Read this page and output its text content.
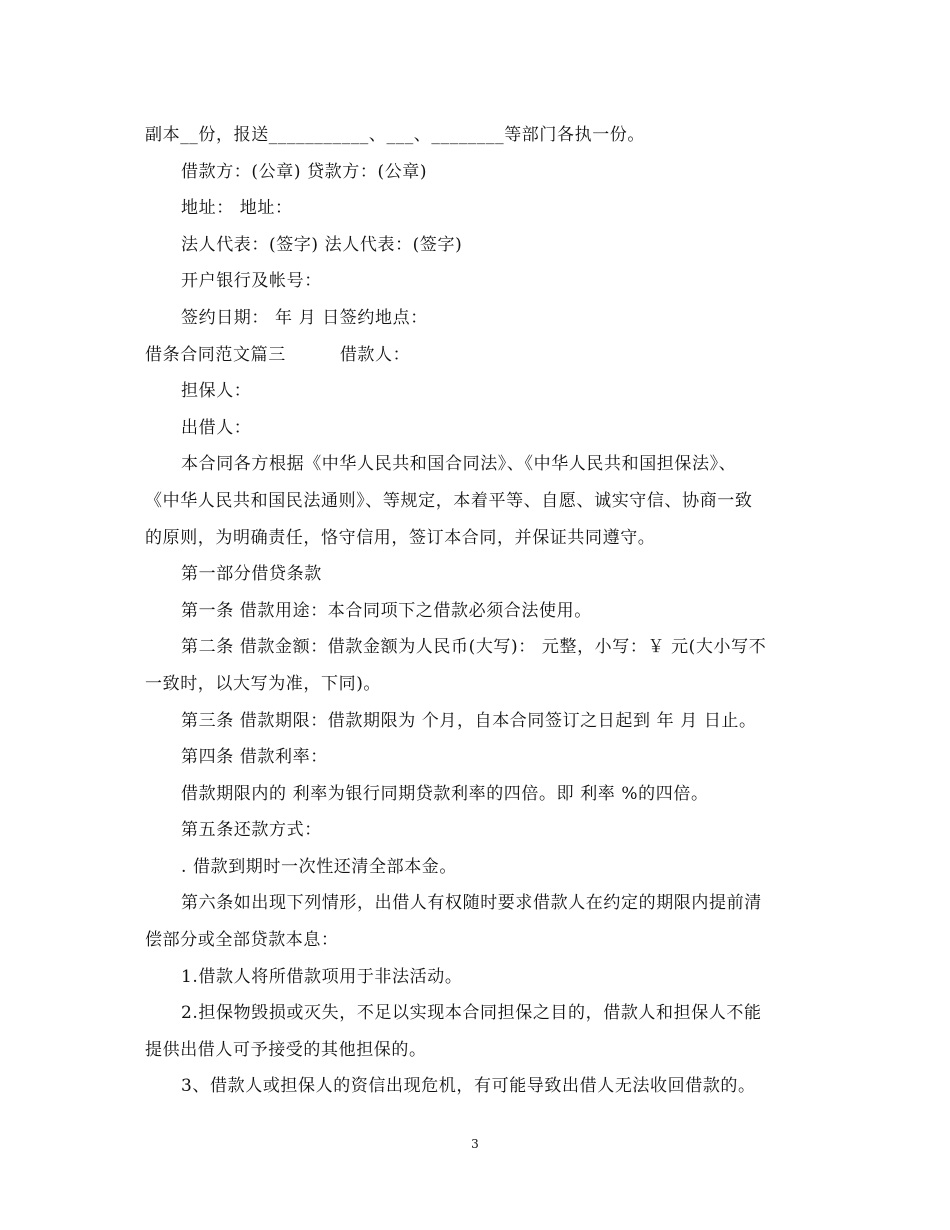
副本__份，报送___________、___、________等部门各执一份。
借款方：(公章) 贷款方：(公章)
地址： 地址：
法人代表：(签字) 法人代表：(签字)
开户银行及帐号：
签约日期： 年 月 日签约地点：
借条合同范文篇三	借款人：
担保人：
出借人：
本合同各方根据《中华人民共和国合同法》、《中华人民共和国担保法》、
《中华人民共和国民法通则》、等规定，本着平等、自愿、诚实守信、协商一致
的原则，为明确责任，恪守信用，签订本合同，并保证共同遵守。
第一部分借贷条款
第一条 借款用途：本合同项下之借款必须合法使用。
第二条 借款金额：借款金额为人民币(大写)： 元整，小写：￥ 元(大小写不
一致时，以大写为准，下同)。
第三条 借款期限：借款期限为 个月，自本合同签订之日起到 年 月 日止。
第四条 借款利率：
借款期限内的 利率为银行同期贷款利率的四倍。即 利率 %的四倍。
第五条还款方式：
. 借款到期时一次性还清全部本金。
第六条如出现下列情形，出借人有权随时要求借款人在约定的期限内提前清
偿部分或全部贷款本息：
1.借款人将所借款项用于非法活动。
2.担保物毁损或灭失，不足以实现本合同担保之目的，借款人和担保人不能
提供出借人可予接受的其他担保的。
3、借款人或担保人的资信出现危机，有可能导致出借人无法收回借款的。
3
